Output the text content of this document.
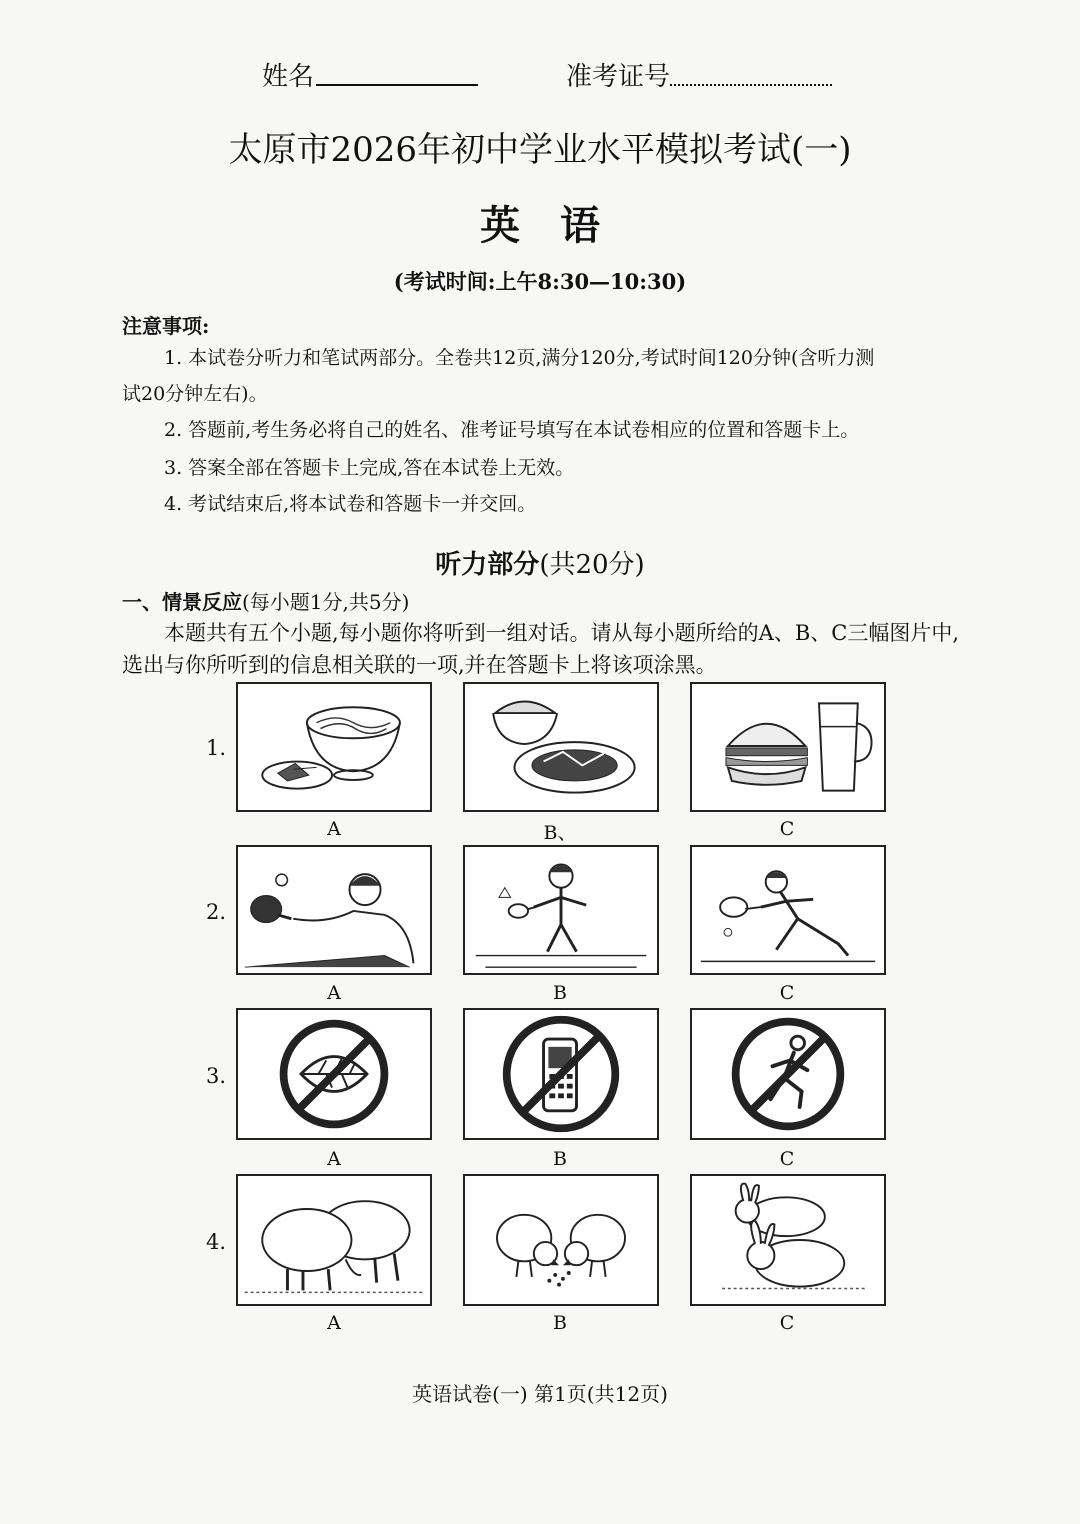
姓名	准考证号
太原市2026年初中学业水平模拟考试(一)
英语
(考试时间:上午8:30—10:30)
注意事项:
1. 本试卷分听力和笔试两部分。全卷共12页,满分120分,考试时间120分钟(含听力测
试20分钟左右)。
2. 答题前,考生务必将自己的姓名、准考证号填写在本试卷相应的位置和答题卡上。
3. 答案全部在答题卡上完成,答在本试卷上无效。
4. 考试结束后,将本试卷和答题卡一并交回。
听力部分(共20分)
一、情景反应(每小题1分,共5分)
本题共有五个小题,每小题你将听到一组对话。请从每小题所给的A、B、C三幅图片中,
选出与你所听到的信息相关联的一项,并在答题卡上将该项涂黑。
1.
A	B、	C
2.
A	B	C
3.
A	B	C
4.
A	B	C
英语试卷(一) 第1页(共12页)
